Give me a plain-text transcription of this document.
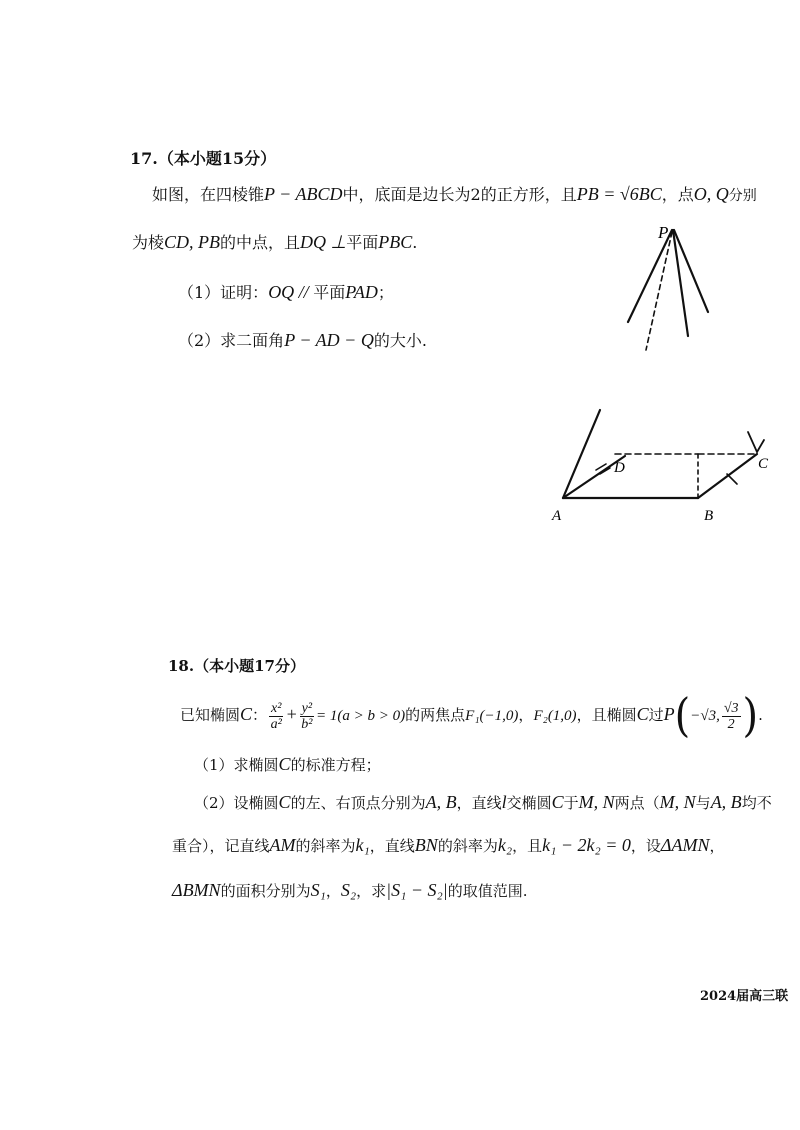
17.（本小题15分）
如图，在四棱锥P − ABCD中，底面是边长为2的正方形，且PB = √6BC，点O, Q分别
为棱CD, PB的中点，且DQ ⊥平面PBC.
（1）证明：OQ // 平面PAD；
（2）求二面角P − AD − Q的大小.
P
D	C
A	B
18.（本小题17分）
已知椭圆C： $\frac{\text{x²}}{\text{a²}} + \frac{\text{y²}}{\text{b²}} = 1(a > b > 0)$的两焦点F₁(−1,0)，F₂(1,0)，且椭圆C过P(−√3, $\frac{√3}{2}$ ).
（1）求椭圆C的标准方程；
（2）设椭圆C的左、右顶点分别为A, B，直线l交椭圆C于M, N两点（M, N与A, B均不
重合），记直线AM的斜率为k₁，直线BN的斜率为k₂，且k₁ − 2k₂ = 0，设ΔAMN，
ΔBMN的面积分别为S₁，S₂，求|S₁ − S₂|的取值范围.
2024届高三联
